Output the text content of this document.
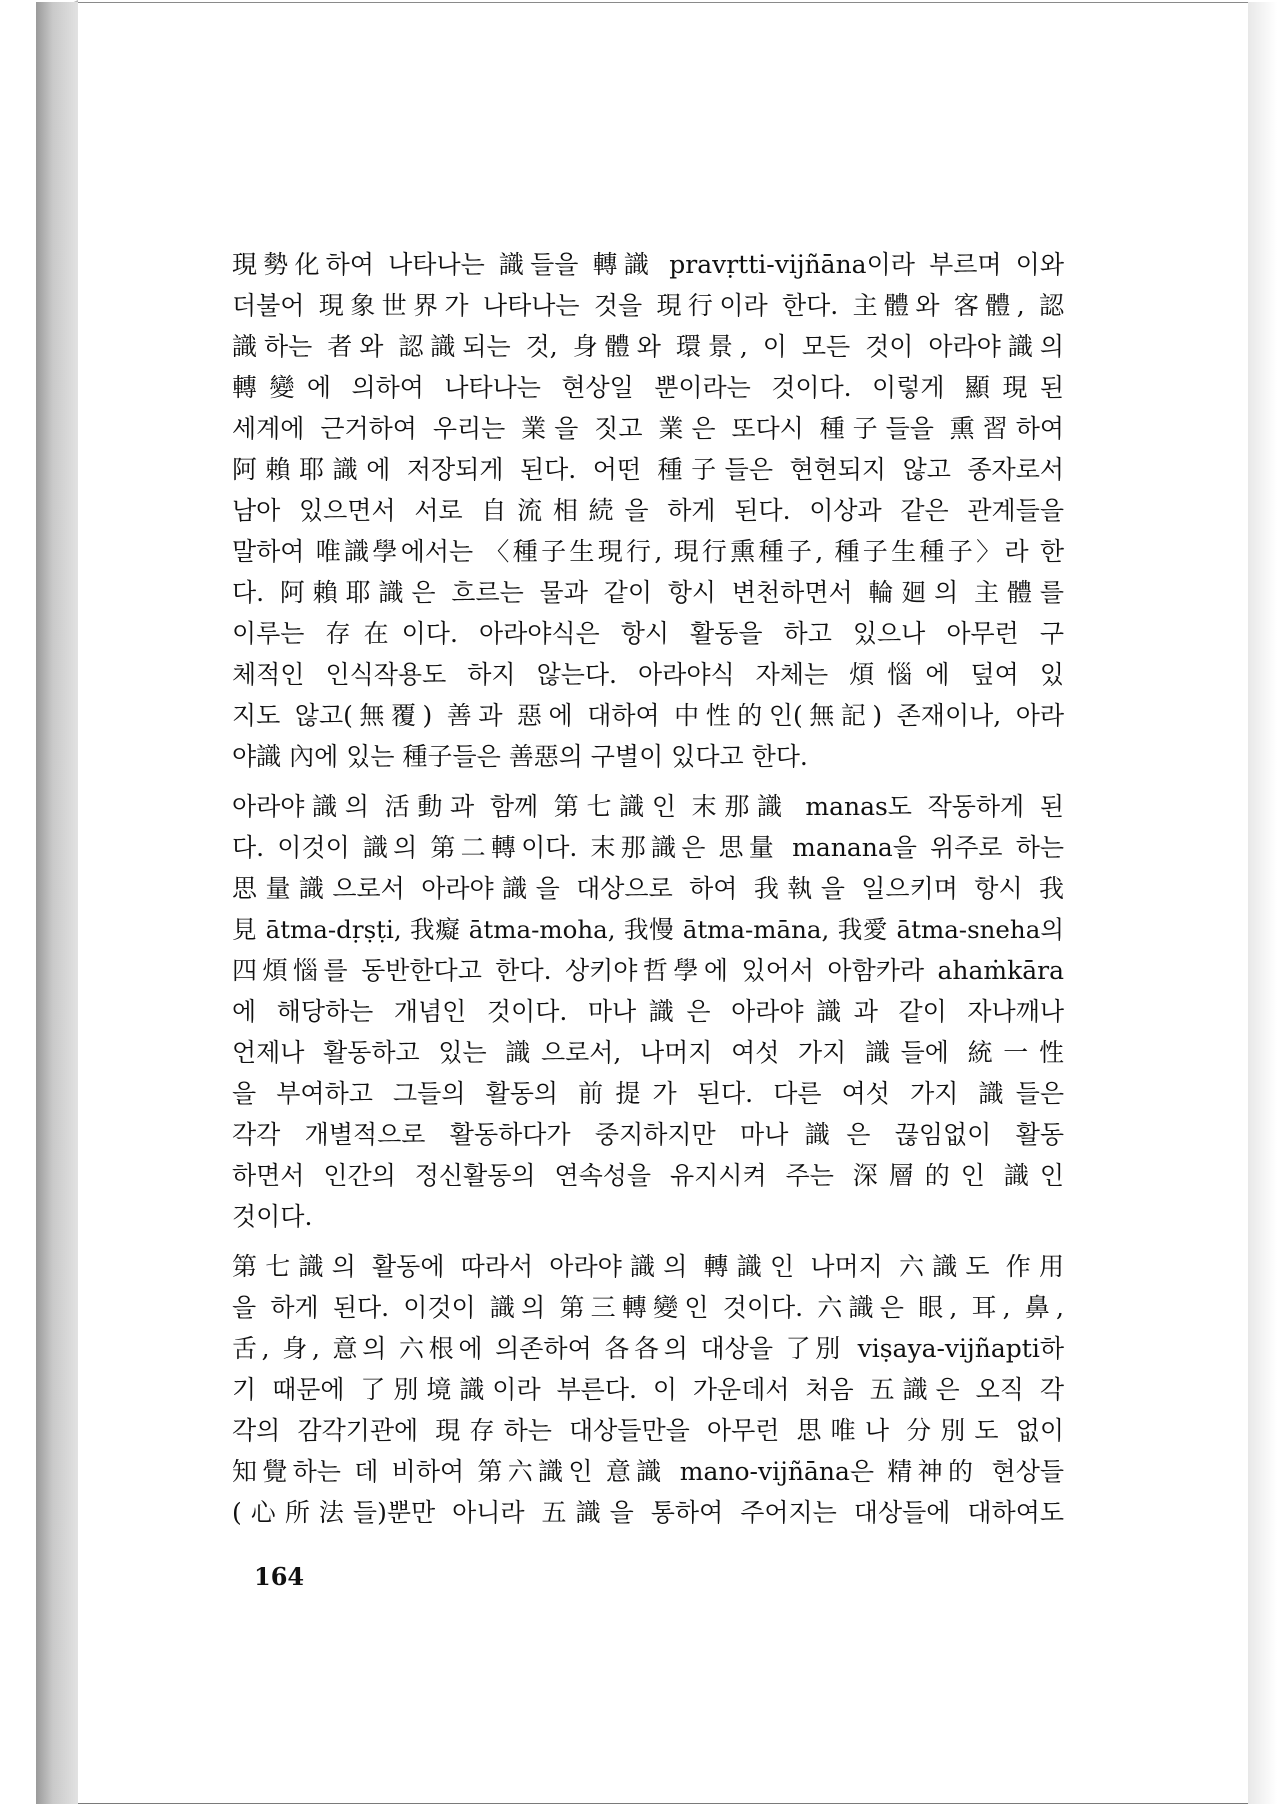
現勢化하여 나타나는 識들을 轉識 pravṛtti-vijñāna이라 부르며 이와
더불어 現象世界가 나타나는 것을 現行이라 한다. 主體와 客體, 認
識하는 者와 認識되는 것, 身體와 環景, 이 모든 것이 아라야識의
轉變에 의하여 나타나는 현상일 뿐이라는 것이다. 이렇게 顯現된
세계에 근거하여 우리는 業을 짓고 業은 또다시 種子들을 熏習하여
阿賴耶識에 저장되게 된다. 어떤 種子들은 현현되지 않고 종자로서
남아 있으면서 서로 自流相続을 하게 된다. 이상과 같은 관계들을
말하여 唯識學에서는 〈種子生現行, 現行熏種子, 種子生種子〉라 한
다. 阿賴耶識은 흐르는 물과 같이 항시 변천하면서 輪廻의 主體를
이루는 存在이다. 아라야식은 항시 활동을 하고 있으나 아무런 구
체적인 인식작용도 하지 않는다. 아라야식 자체는 煩惱에 덮여 있
지도 않고(無覆) 善과 惡에 대하여 中性的인(無記) 존재이나, 아라
야識 內에 있는 種子들은 善惡의 구별이 있다고 한다.
아라야識의 活動과 함께 第七識인 末那識 manas도 작동하게 된
다. 이것이 識의 第二轉이다. 末那識은 思量 manana을 위주로 하는
思量識으로서 아라야識을 대상으로 하여 我執을 일으키며 항시 我
見 ātma-dṛṣṭi, 我癡 ātma-moha, 我慢 ātma-māna, 我愛 ātma-sneha의
四煩惱를 동반한다고 한다. 상키야哲學에 있어서 아함카라 ahaṁkāra
에 해당하는 개념인 것이다. 마나識은 아라야識과 같이 자나깨나
언제나 활동하고 있는 識으로서, 나머지 여섯 가지 識들에 統一性
을 부여하고 그들의 활동의 前提가 된다. 다른 여섯 가지 識들은
각각 개별적으로 활동하다가 중지하지만 마나識은 끊임없이 활동
하면서 인간의 정신활동의 연속성을 유지시켜 주는 深層的인 識인
것이다.
第七識의 활동에 따라서 아라야識의 轉識인 나머지 六識도 作用
을 하게 된다. 이것이 識의 第三轉變인 것이다. 六識은 眼, 耳, 鼻,
舌, 身, 意의 六根에 의존하여 各各의 대상을 了別 viṣaya-vijñapti하
기 때문에 了別境識이라 부른다. 이 가운데서 처음 五識은 오직 각
각의 감각기관에 現存하는 대상들만을 아무런 思唯나 分別도 없이
知覺하는 데 비하여 第六識인 意識 mano-vijñāna은 精神的 현상들
(心所法들)뿐만 아니라 五識을 통하여 주어지는 대상들에 대하여도
164
